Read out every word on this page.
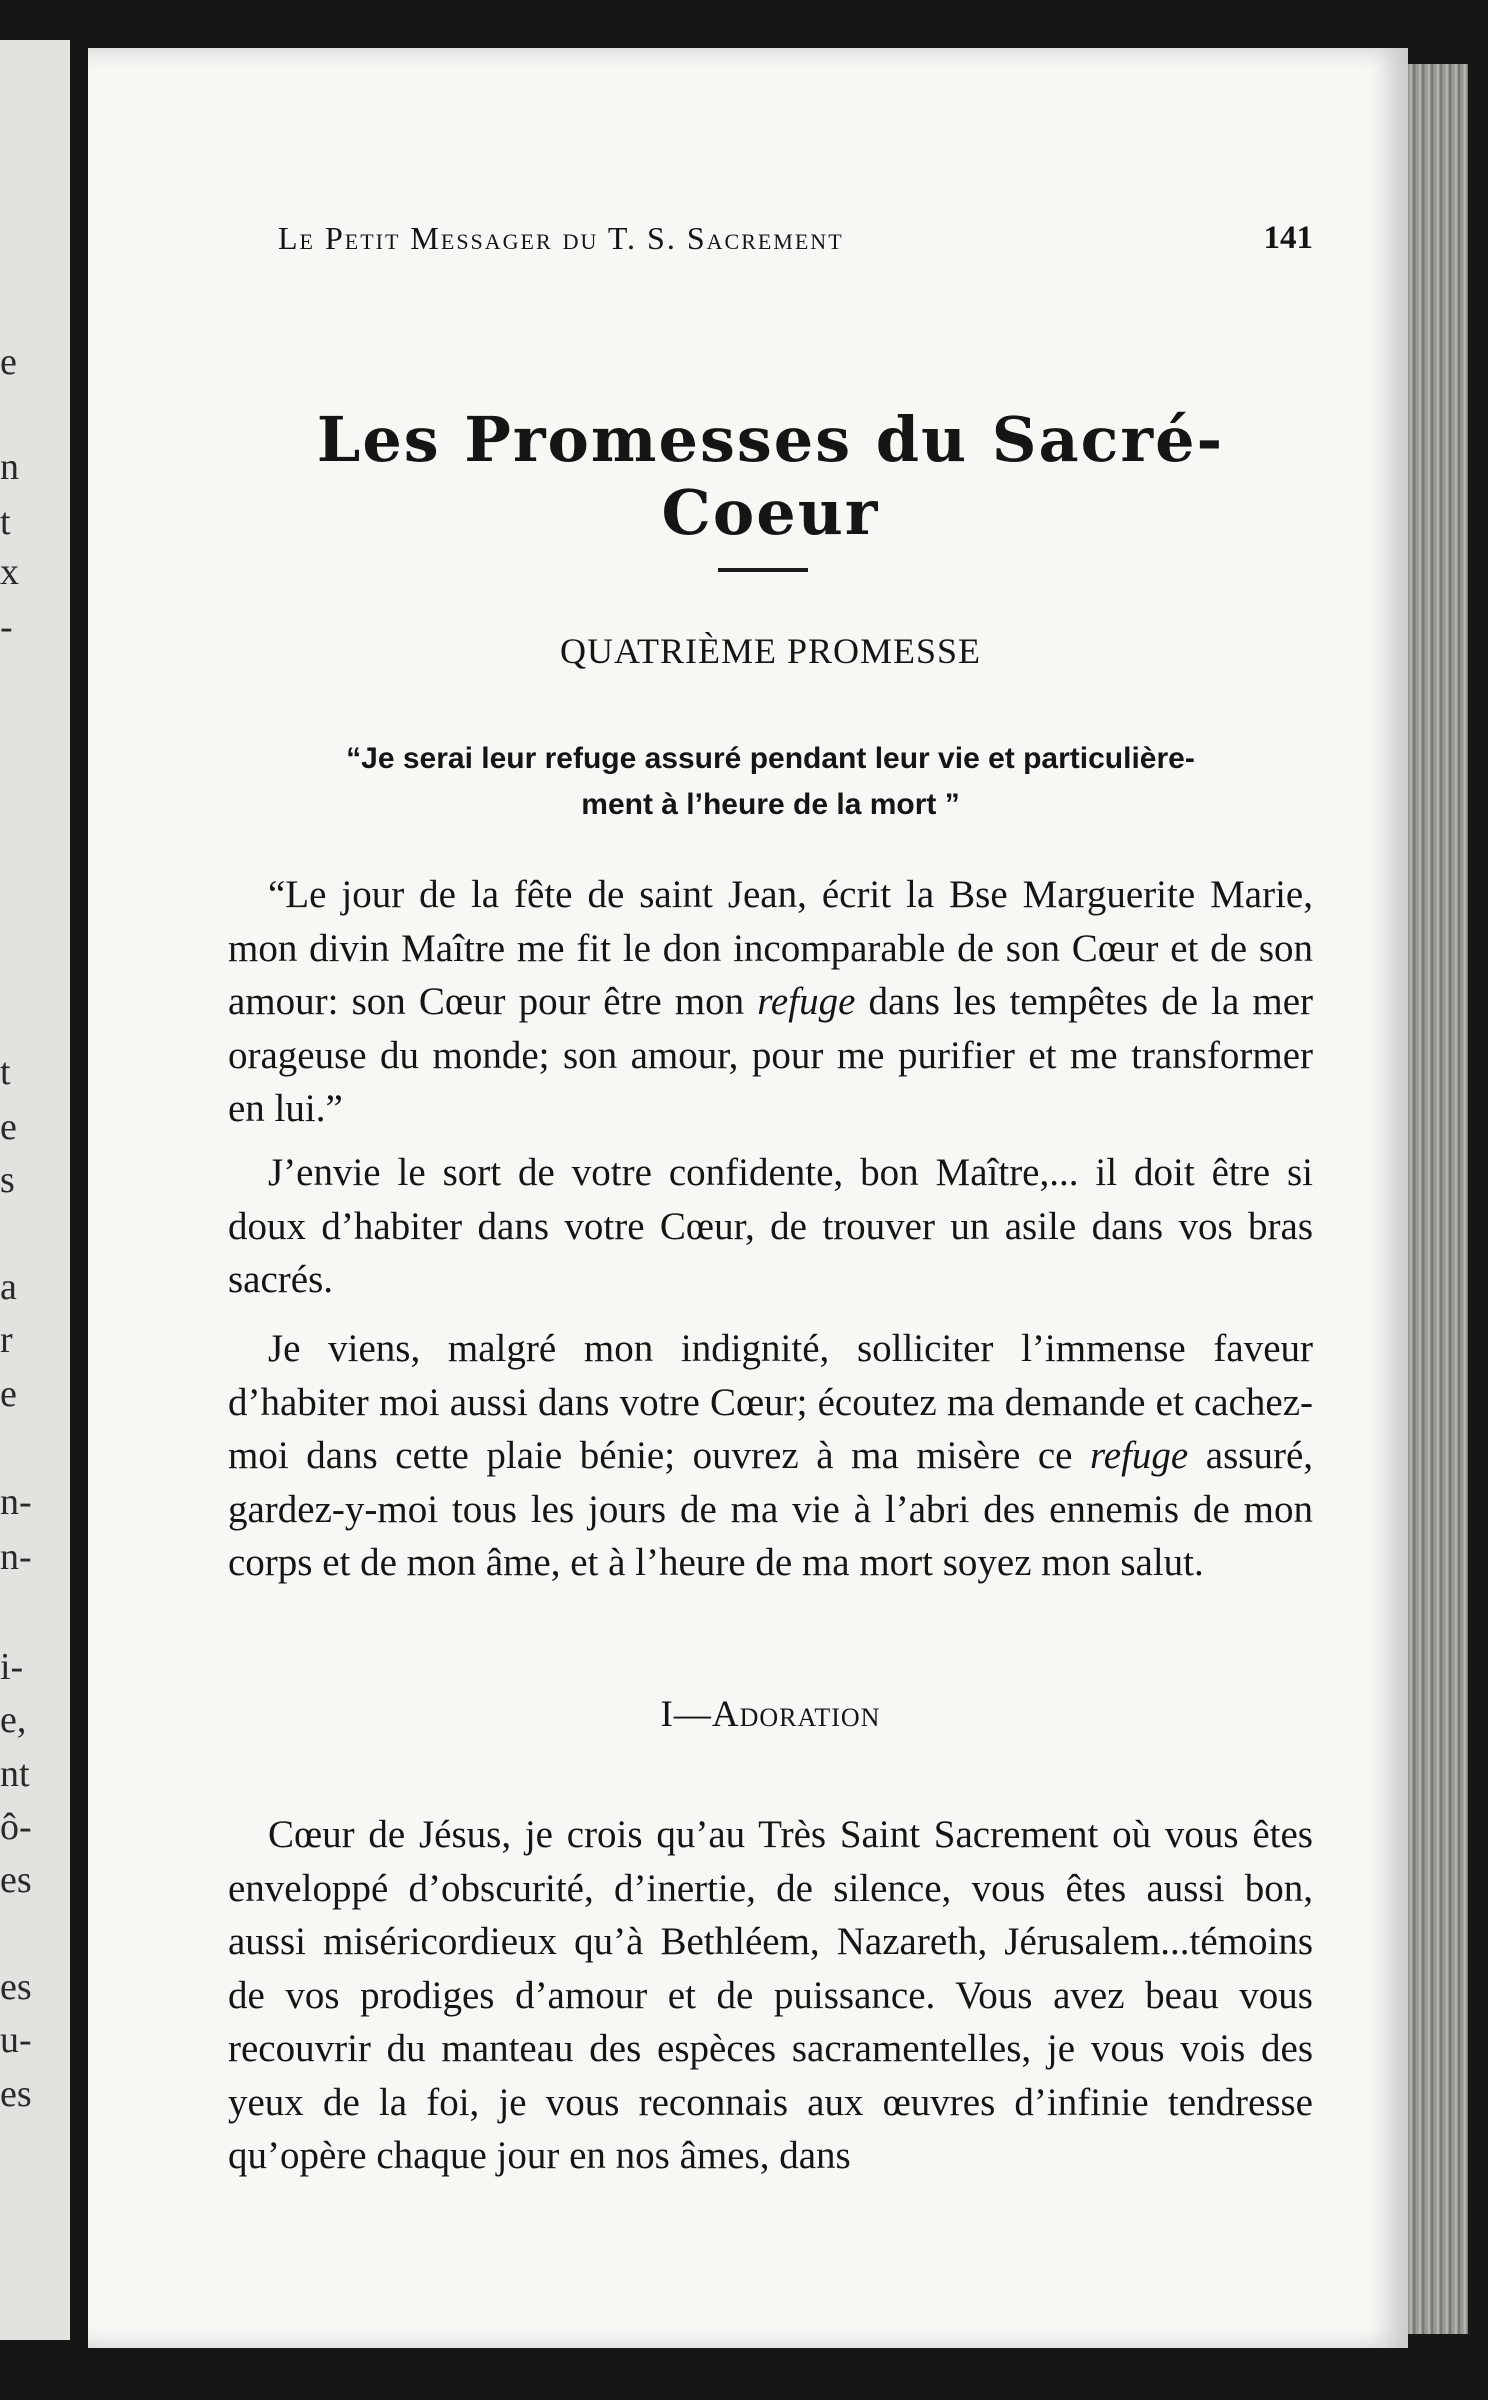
e
n
t
x
-
t
e
s
a
r
e
n-
n-
i-
e,
nt
ô-
es
es
u-
es
Le Petit Messager du T. S. Sacrement	141
Les Promesses du Sacré-Coeur
QUATRIÈME PROMESSE
“Je serai leur refuge assuré pendant leur vie et particulière-
ment à l’heure de la mort ”

“Le jour de la fête de saint Jean, écrit la Bse Marguerite Marie, mon divin Maître me fit le don incomparable de son Cœur et de son amour: son Cœur pour être mon refuge dans les tempêtes de la mer orageuse du monde; son amour, pour me purifier et me transformer en lui.”

J’envie le sort de votre confidente, bon Maître,... il doit être si doux d’habiter dans votre Cœur, de trouver un asile dans vos bras sacrés.

Je viens, malgré mon indignité, solliciter l’immense faveur d’habiter moi aussi dans votre Cœur; écoutez ma demande et cachez-moi dans cette plaie bénie; ouvrez à ma misère ce refuge assuré, gardez-y-moi tous les jours de ma vie à l’abri des ennemis de mon corps et de mon âme, et à l’heure de ma mort soyez mon salut.

I—Adoration

Cœur de Jésus, je crois qu’au Très Saint Sacrement où vous êtes enveloppé d’obscurité, d’inertie, de silence, vous êtes aussi bon, aussi miséricordieux qu’à Bethléem, Nazareth, Jérusalem...témoins de vos prodiges d’amour et de puissance. Vous avez beau vous recouvrir du manteau des espèces sacramentelles, je vous vois des yeux de la foi, je vous reconnais aux œuvres d’infinie tendresse qu’opère chaque jour en nos âmes, dans
